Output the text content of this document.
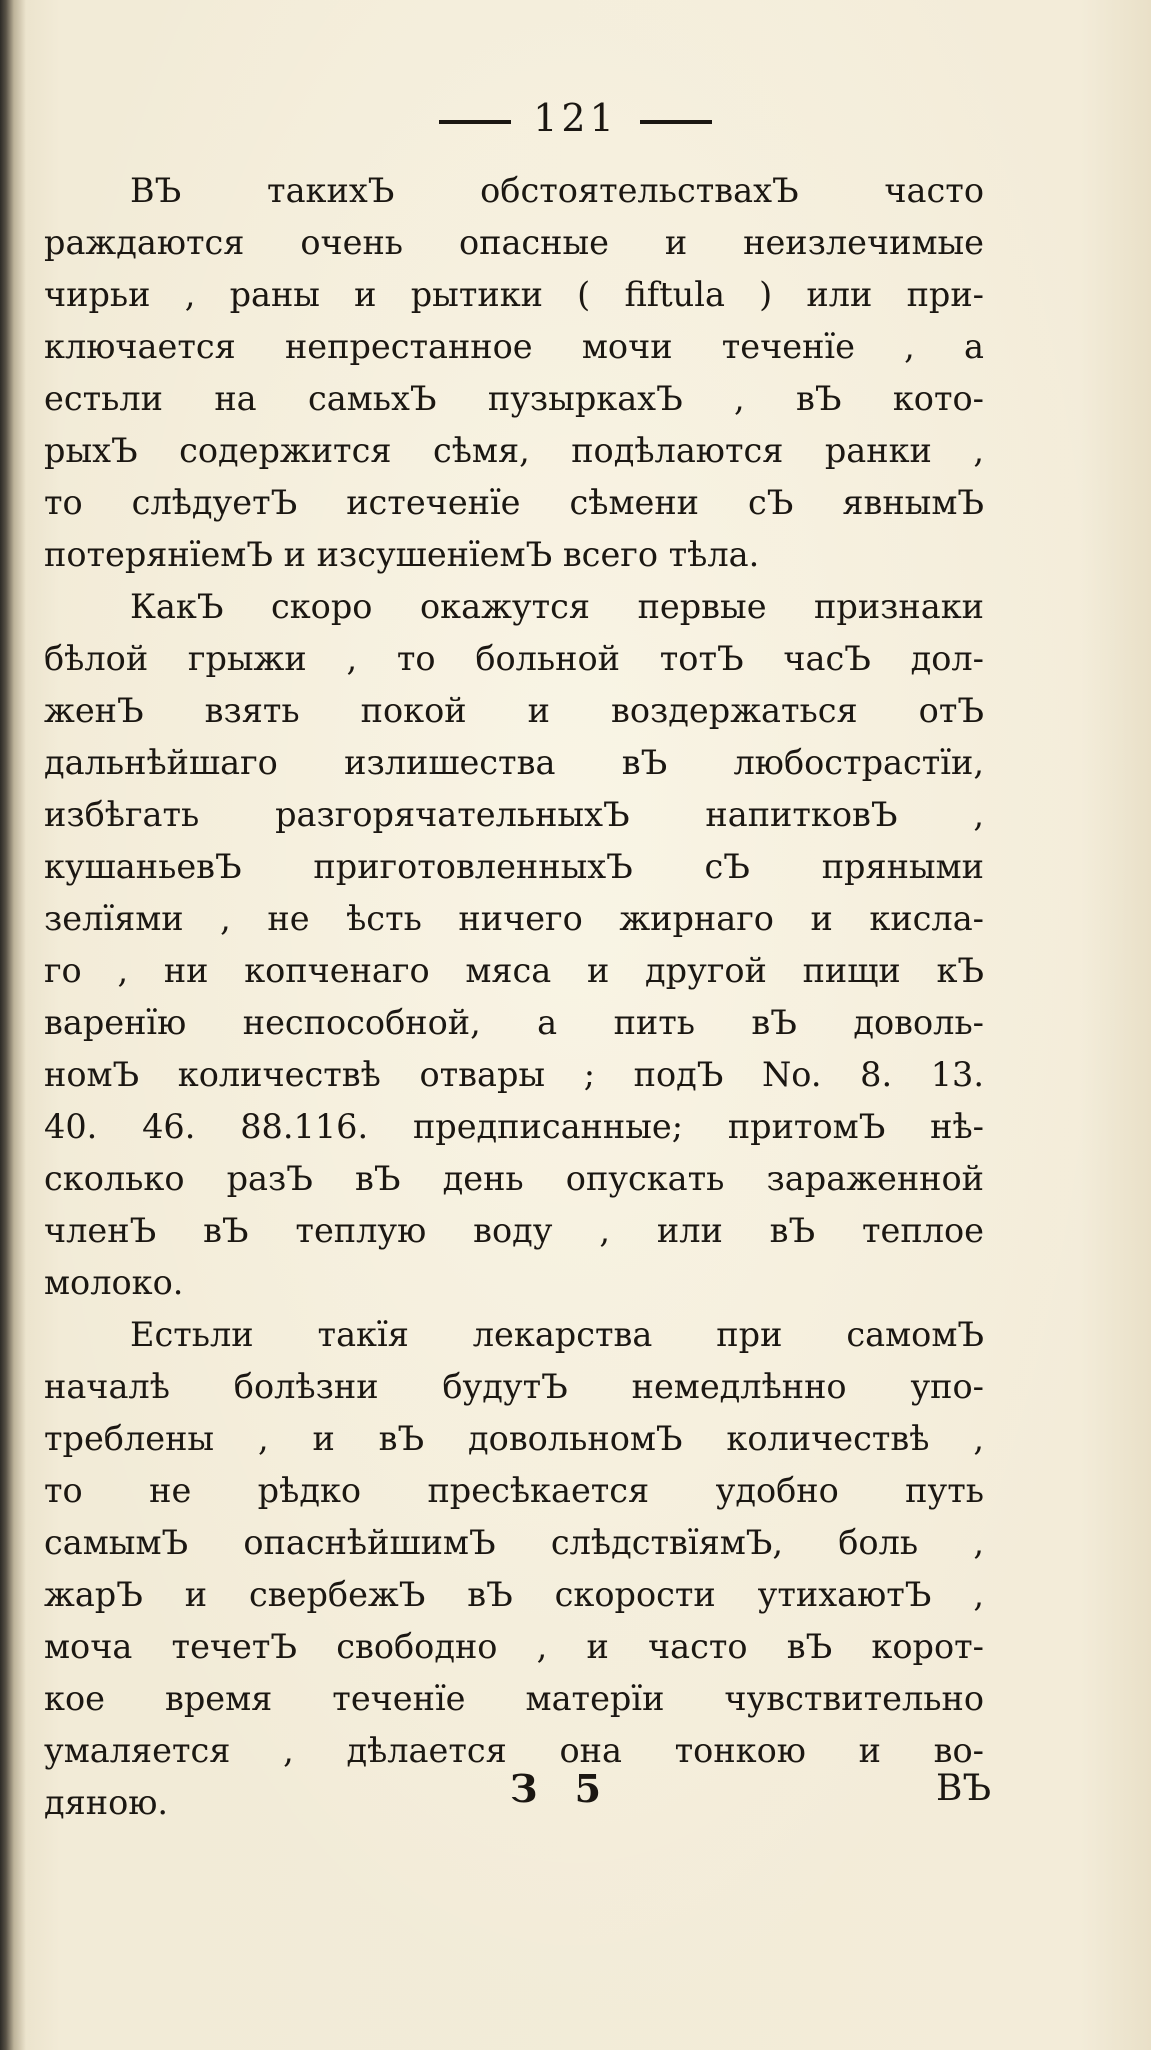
121

ВЪ такихЪ обстоятельствахЪ часто
раждаются очень опасные и неизлечимые
чирьи , раны и рытики ( fiftula ) или при-
ключается непрестанное мочи теченїе , а
естьли на самьхЪ пузыркахЪ , вЪ кото-
рыхЪ содержится сѣмя, подѣлаются ранки ,
то слѣдуетЪ истеченїе сѣмени сЪ явнымЪ
потерянїемЪ и изсушенїемЪ всего тѣла.

КакЪ скоро окажутся первые признаки
бѣлой грыжи , то больной тотЪ часЪ дол-
женЪ взять покой и воздержаться отЪ
дальнѣйшаго излишества вЪ любострастїи,
избѣгать разгорячательныхЪ напитковЪ ,
кушаньевЪ приготовленныхЪ сЪ пряными
зелїями , не ѣсть ничего жирнаго и кисла-
го , ни копченаго мяса и другой пищи кЪ
варенїю неспособной, а пить вЪ доволь-
номЪ количествѣ отвары ; подЪ No. 8. 13.
40. 46. 88.116. предписанные; притомЪ нѣ-
сколько разЪ вЪ день опускать зараженной
членЪ вЪ теплую воду , или вЪ теплое
молоко.

Естьли такїя лекарства при самомЪ
началѣ болѣзни будутЪ немедлѣнно упо-
треблены , и вЪ довольномЪ количествѣ ,
то не рѣдко пресѣкается удобно путь
самымЪ опаснѣйшимЪ слѣдствїямЪ, боль ,
жарЪ и свербежЪ вЪ скорости утихаютЪ ,
моча течетЪ свободно , и часто вЪ корот-
кое время теченїе матерїи чувствительно
умаляется , дѣлается она тонкою и во-
дяною.	З 5	ВЪ
